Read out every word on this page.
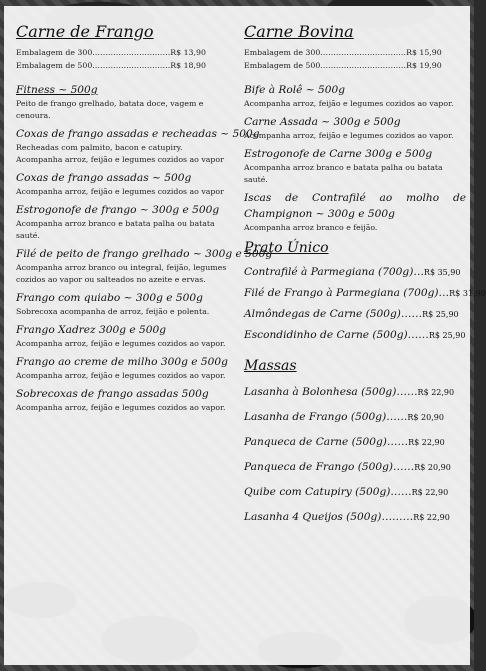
Carne de Frango
Embalagem de 300…………………………R$ 13,90
Embalagem de 500…………………………R$ 18,90
Fitness ~ 500g
Peito de frango grelhado, batata doce, vagem e cenoura.
Coxas de frango assadas e recheadas ~ 500g
Recheadas com palmito, bacon e catupiry. Acompanha arroz, feijão e legumes cozidos ao vapor
Coxas de frango assadas ~ 500g
Acompanha arroz, feijão e legumes cozidos ao vapor
Estrogonofe de frango ~ 300g e 500g
Acompanha arroz branco e batata palha ou batata sauté.
Filé de peito de frango grelhado ~ 300g e 500g
Acompanha arroz branco ou integral, feijão, legumes cozidos ao vapor ou salteados no azeite e ervas.
Frango com quiabo ~ 300g e 500g
Sobrecoxa acompanha de arroz, feijão e polenta.
Frango Xadrez 300g e 500g
Acompanha arroz, feijão e legumes cozidos ao vapor.
Frango ao creme de milho 300g e 500g
Acompanha arroz, feijão e legumes cozidos ao vapor.
Sobrecoxas de frango assadas 500g
Acompanha arroz, feijão e legumes cozidos ao vapor.
Carne Bovina
Embalagem de 300……………………………R$ 15,90
Embalagem de 500……………………………R$ 19,90
Bife à Rolê ~ 500g
Acompanha arroz, feijão e legumes cozidos ao vapor.
Carne Assada ~ 300g e 500g
Acompanha arroz, feijão e legumes cozidos ao vapor.
Estrogonofe de Carne 300g e 500g
Acompanha arroz branco e batata palha ou batata sauté.
Iscas de Contrafilé ao molho de Champignon ~ 300g e 500g
Acompanha arroz branco e feijão.
Prato Único
Contrafilé à Parmegiana (700g)…R$ 35,90
Filé de Frango à Parmegiana (700g)…R$ 31,90
Almôndegas de Carne (500g)……R$ 25,90
Escondidinho de Carne (500g)……R$ 25,90
Massas
Lasanha à Bolonhesa (500g)……R$ 22,90
Lasanha de Frango (500g)……R$ 20,90
Panqueca de Carne (500g)……R$ 22,90
Panqueca de Frango (500g)……R$ 20,90
Quibe com Catupiry (500g)……R$ 22,90
Lasanha 4 Queijos (500g)………R$ 22,90
